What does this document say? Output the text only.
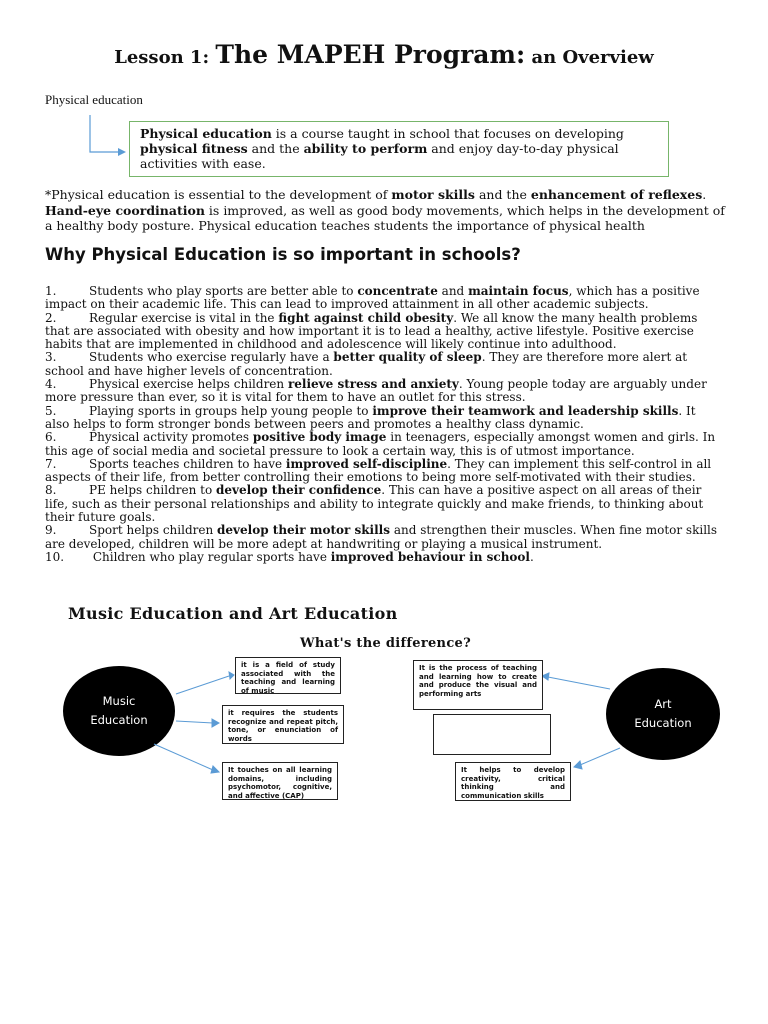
Lesson 1: The MAPEH Program: an Overview
Physical education
Physical education is a course taught in school that focuses on developing physical fitness and the ability to perform and enjoy day-to-day physical activities with ease.
*Physical education is essential to the development of motor skills and the enhancement of reflexes. Hand-eye coordination is improved, as well as good body movements, which helps in the development of a healthy body posture. Physical education teaches students the importance of physical health
Why Physical Education is so important in schools?
1.	Students who play sports are better able to concentrate and maintain focus, which has a positive impact on their academic life. This can lead to improved attainment in all other academic subjects.
2.	Regular exercise is vital in the fight against child obesity. We all know the many health problems that are associated with obesity and how important it is to lead a healthy, active lifestyle. Positive exercise habits that are implemented in childhood and adolescence will likely continue into adulthood.
3.	Students who exercise regularly have a better quality of sleep. They are therefore more alert at school and have higher levels of concentration.
4.	Physical exercise helps children relieve stress and anxiety. Young people today are arguably under more pressure than ever, so it is vital for them to have an outlet for this stress.
5.	Playing sports in groups help young people to improve their teamwork and leadership skills. It also helps to form stronger bonds between peers and promotes a healthy class dynamic.
6.	Physical activity promotes positive body image in teenagers, especially amongst women and girls. In this age of social media and societal pressure to look a certain way, this is of utmost importance.
7.	Sports teaches children to have improved self-discipline. They can implement this self-control in all aspects of their life, from better controlling their emotions to being more self-motivated with their studies.
8.	PE helps children to develop their confidence. This can have a positive aspect on all areas of their life, such as their personal relationships and ability to integrate quickly and make friends, to thinking about their future goals.
9.	Sport helps children develop their motor skills and strengthen their muscles. When fine motor skills are developed, children will be more adept at handwriting or playing a musical instrument.
10. Children who play regular sports have improved behaviour in school.
Music Education and Art Education
What's the difference?
Music
Education
Art
Education
it is a field of study associated with the teaching and learning of music
it requires the students recognize and repeat pitch, tone, or enunciation of words
It touches on all learning domains, including psychomotor, cognitive, and affective (CAP)
It is the process of teaching and learning how to create and produce the visual and performing arts
It helps to develop creativity, critical thinking and communication skills
